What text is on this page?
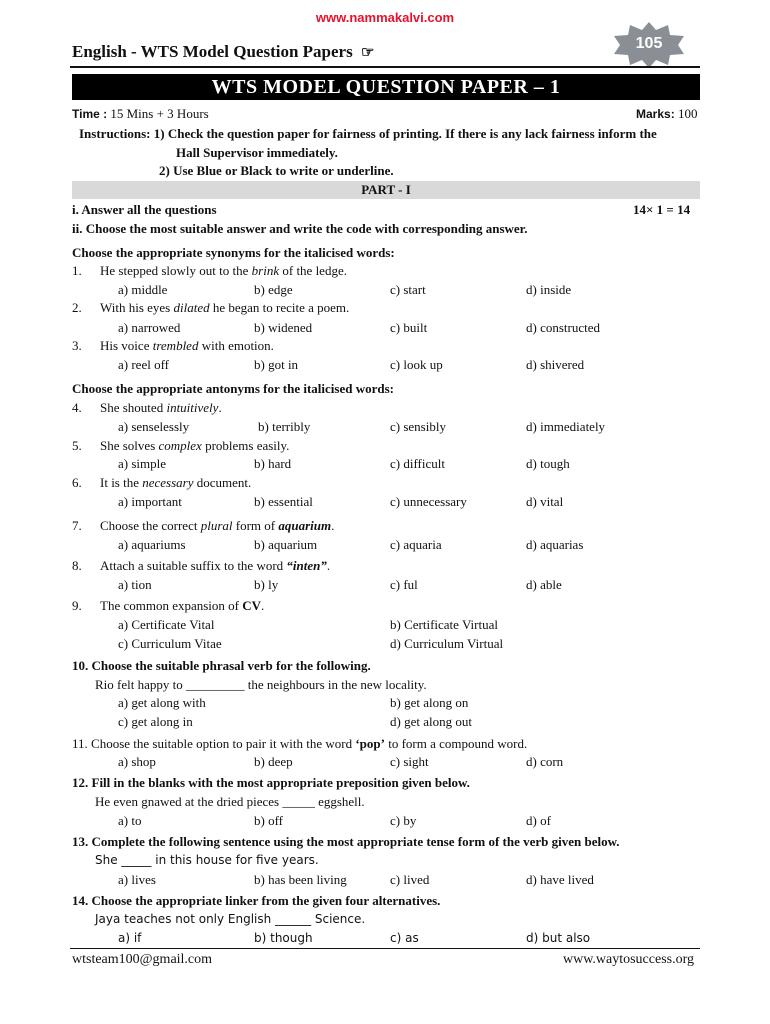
www.nammakalvi.com
English - WTS Model Question Papers ☞
105
WTS MODEL QUESTION PAPER – 1
Time : 15 Mins + 3 Hours	Marks: 100
Instructions: 1) Check the question paper for fairness of printing. If there is any lack fairness inform the
Hall Supervisor immediately.
2) Use Blue or Black to write or underline.
PART - I
i. Answer all the questions	14× 1 = 14
ii. Choose the most suitable answer and write the code with corresponding answer.
Choose the appropriate synonyms for the italicised words:
1. He stepped slowly out to the brink of the ledge.
a) middle	b) edge	c) start	d) inside
2. With his eyes dilated he began to recite a poem.
a) narrowed	b) widened	c) built	d) constructed
3. His voice trembled with emotion.
a) reel off	b) got in	c) look up	d) shivered
Choose the appropriate antonyms for the italicised words:
4. She shouted intuitively.
a) senselessly	b) terribly	c) sensibly	d) immediately
5. She solves complex problems easily.
a) simple	b) hard	c) difficult	d) tough
6. It is the necessary document.
a) important	b) essential	c) unnecessary	d) vital
7. Choose the correct plural form of aquarium.
a) aquariums	b) aquarium	c) aquaria	d) aquarias
8. Attach a suitable suffix to the word “inten”.
a) tion	b) ly	c) ful	d) able
9. The common expansion of CV.
a) Certificate Vital	b) Certificate Virtual
c) Curriculum Vitae	d) Curriculum Virtual
10. Choose the suitable phrasal verb for the following.
Rio felt happy to _________ the neighbours in the new locality.
a) get along with	b) get along on
c) get along in	d) get along out
11. Choose the suitable option to pair it with the word ‘pop’ to form a compound word.
a) shop	b) deep	c) sight	d) corn
12. Fill in the blanks with the most appropriate preposition given below.
He even gnawed at the dried pieces _____ eggshell.
a) to	b) off	c) by	d) of
13. Complete the following sentence using the most appropriate tense form of the verb given below.
She _____ in this house for five years.
a) lives	b) has been living	c) lived	d) have lived
14. Choose the appropriate linker from the given four alternatives.
Jaya teaches not only English ______ Science.
a) if	b) though	c) as	d) but also
wtsteam100@gmail.com	www.waytosuccess.org
